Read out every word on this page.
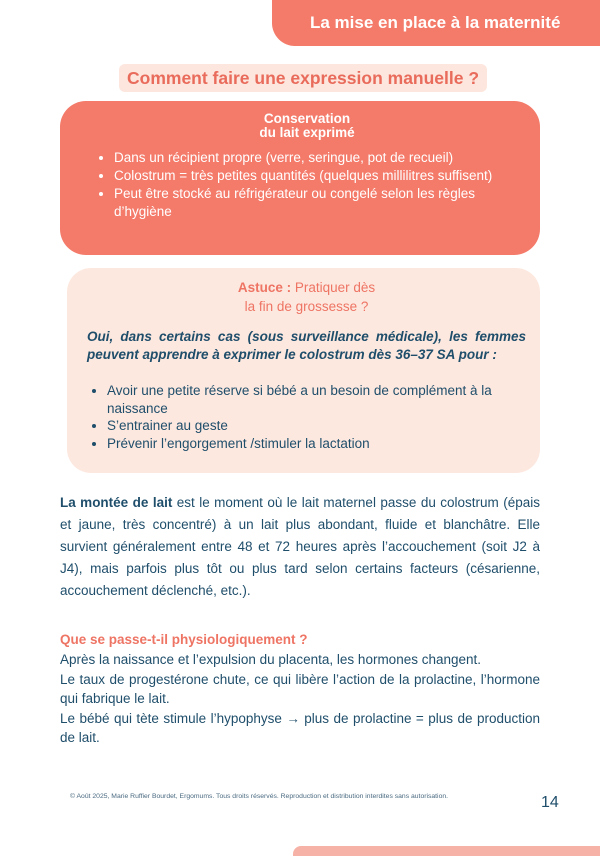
La mise en place à la maternité
Comment faire une expression manuelle ?
Conservation
du lait exprimé
• Dans un récipient propre (verre, seringue, pot de recueil)
• Colostrum = très petites quantités (quelques millilitres suffisent)
• Peut être stocké au réfrigérateur ou congelé selon les règles d’hygiène
Astuce : Pratiquer dès
la fin de grossesse ?
Oui, dans certains cas (sous surveillance médicale), les femmes peuvent apprendre à exprimer le colostrum dès 36–37 SA pour :
• Avoir une petite réserve si bébé a un besoin de complément à la naissance
• S’entrainer au geste
• Prévenir l’engorgement /stimuler la lactation

La montée de lait est le moment où le lait maternel passe du colostrum (épais et jaune, très concentré) à un lait plus abondant, fluide et blanchâtre. Elle survient généralement entre 48 et 72 heures après l’accouchement (soit J2 à J4), mais parfois plus tôt ou plus tard selon certains facteurs (césarienne, accouchement déclenché, etc.).

Que se passe-t-il physiologiquement ?

Après la naissance et l’expulsion du placenta, les hormones changent.

Le taux de progestérone chute, ce qui libère l’action de la prolactine, l’hormone qui fabrique le lait.

Le bébé qui tète stimule l’hypophyse → plus de prolactine = plus de production de lait.

© Août 2025, Marie Ruffier Bourdet, Ergomums. Tous droits réservés. Reproduction et distribution interdites sans autorisation.	14
